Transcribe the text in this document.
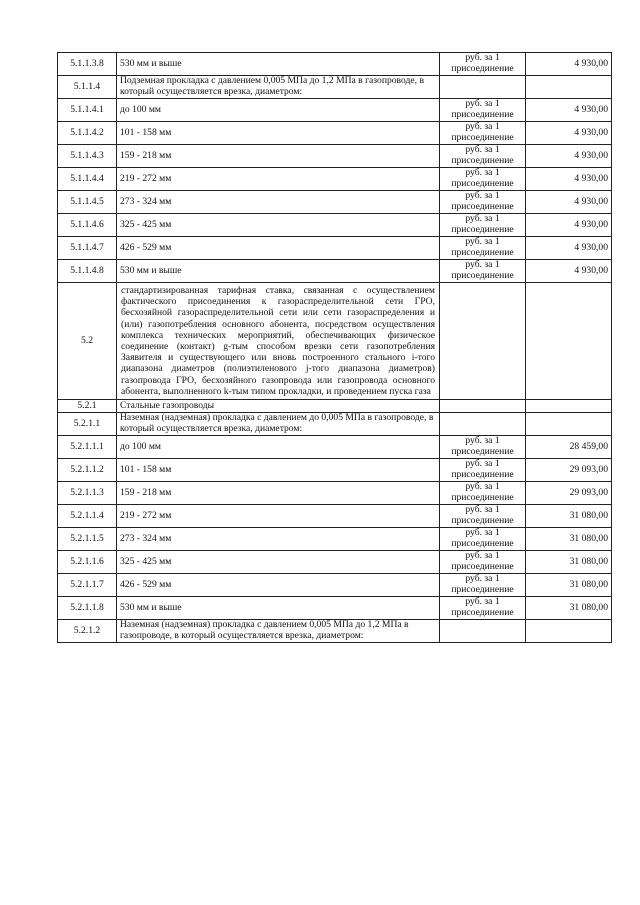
5.1.1.3.8	530 мм и выше	руб. за 1 присоединение	4 930,00
5.1.1.4	Подземная прокладка с давлением 0,005 МПа до 1,2 МПа в газопроводе, в который осуществляется врезка, диаметром:		
5.1.1.4.1	до 100 мм	руб. за 1 присоединение	4 930,00
5.1.1.4.2	101 - 158 мм	руб. за 1 присоединение	4 930,00
5.1.1.4.3	159 - 218 мм	руб. за 1 присоединение	4 930,00
5.1.1.4.4	219 - 272 мм	руб. за 1 присоединение	4 930,00
5.1.1.4.5	273 - 324 мм	руб. за 1 присоединение	4 930,00
5.1.1.4.6	325 - 425 мм	руб. за 1 присоединение	4 930,00
5.1.1.4.7	426 - 529 мм	руб. за 1 присоединение	4 930,00
5.1.1.4.8	530 мм и выше	руб. за 1 присоединение	4 930,00
5.2	стандартизированная тарифная ставка, связанная с осуществлением фактического присоединения к газораспределительной сети ГРО, бесхозяйной газораспределительной сети или сети газораспределения и (или) газопотребления основного абонента, посредством осуществления комплекса технических мероприятий, обеспечивающих физическое соединение (контакт) g-тым способом врезки сети газопотребления Заявителя и существующего или вновь построенного стального i-того диапазона диаметров (полиэтиленового j-того диапазона диаметров) газопровода ГРО, бесхозяйного газопровода или газопровода основного абонента, выполненного k-тым типом прокладки, и проведением пуска газа		
5.2.1	Стальные газопроводы		
5.2.1.1	Наземная (надземная) прокладка с давлением до 0,005 МПа в газопроводе, в который осуществляется врезка, диаметром:		
5.2.1.1.1	до 100 мм	руб. за 1 присоединение	28 459,00
5.2.1.1.2	101 - 158 мм	руб. за 1 присоединение	29 093,00
5.2.1.1.3	159 - 218 мм	руб. за 1 присоединение	29 093,00
5.2.1.1.4	219 - 272 мм	руб. за 1 присоединение	31 080,00
5.2.1.1.5	273 - 324 мм	руб. за 1 присоединение	31 080,00
5.2.1.1.6	325 - 425 мм	руб. за 1 присоединение	31 080,00
5.2.1.1.7	426 - 529 мм	руб. за 1 присоединение	31 080,00
5.2.1.1.8	530 мм и выше	руб. за 1 присоединение	31 080,00
5.2.1.2	Наземная (надземная) прокладка с давлением 0,005 МПа до 1,2 МПа в газопроводе, в который осуществляется врезка, диаметром:		
